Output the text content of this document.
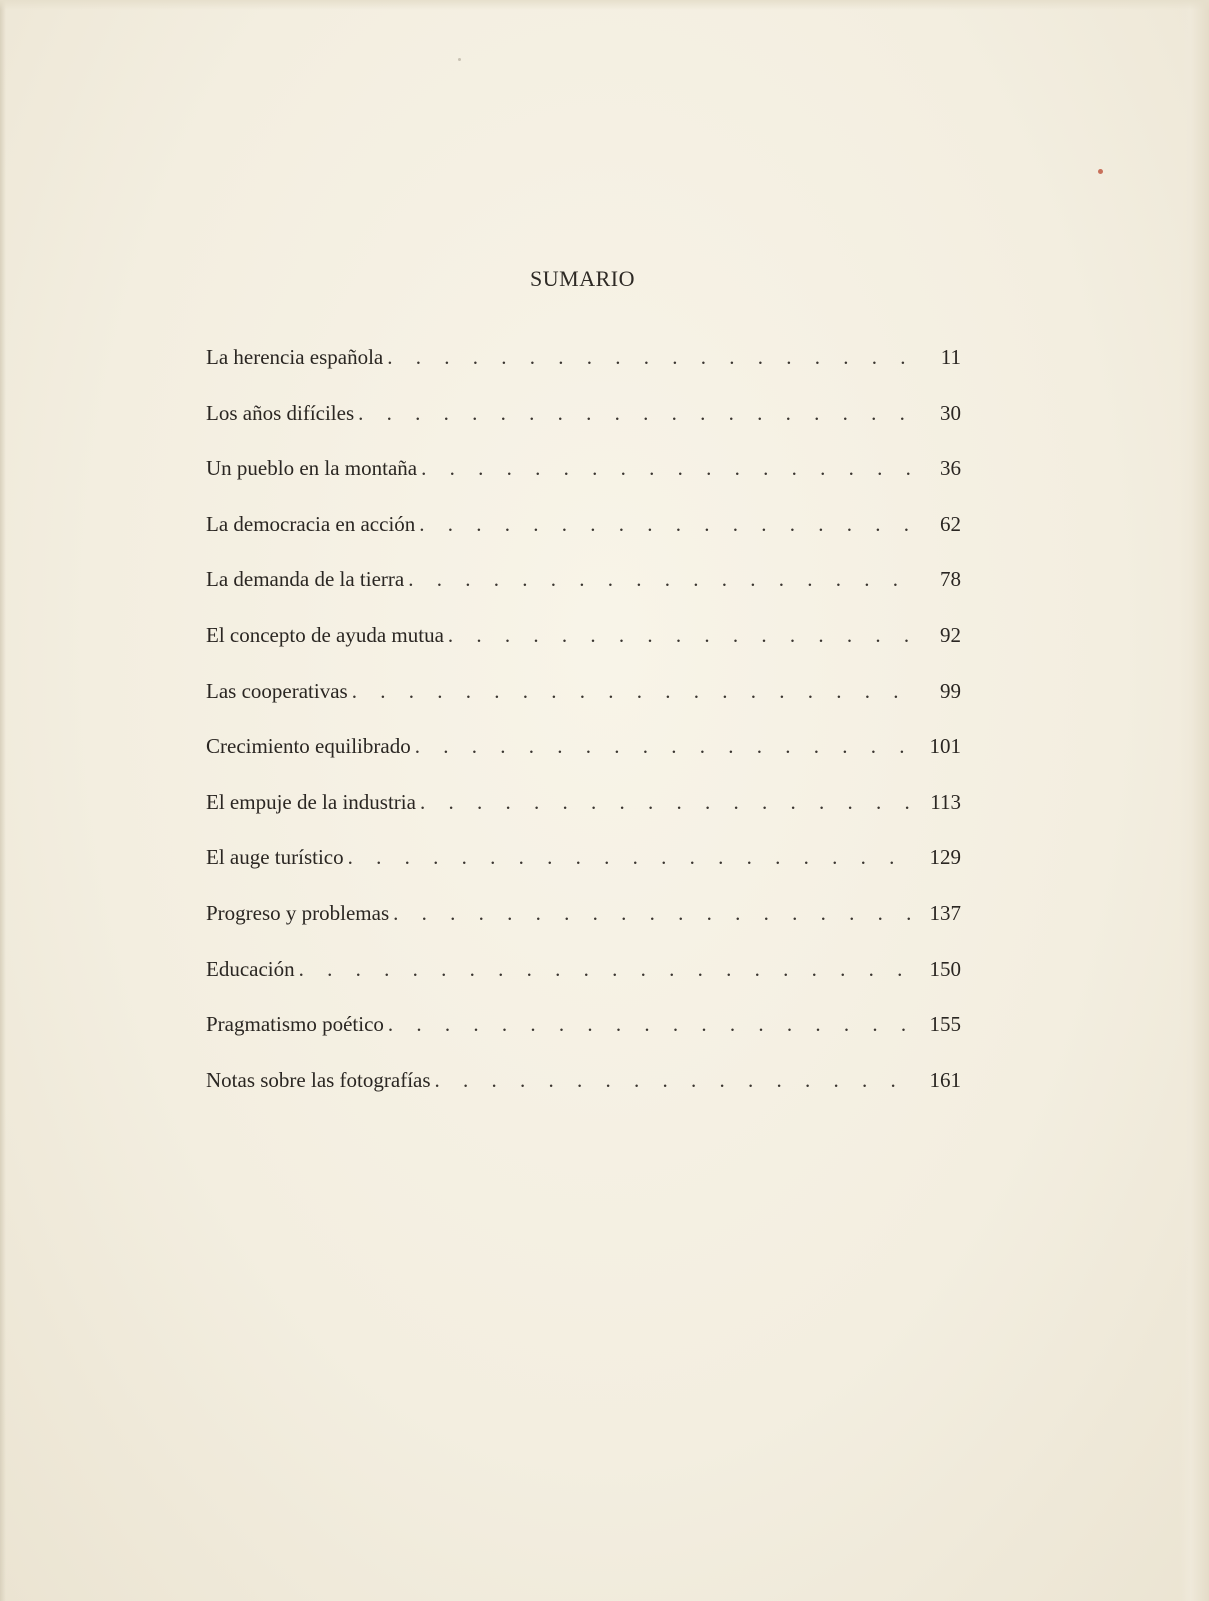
SUMARIO
La herencia española . . .	11
Los años difíciles . . .	30
Un pueblo en la montaña . . .	36
La democracia en acción . . .	62
La demanda de la tierra . . .	78
El concepto de ayuda mutua . . .	92
Las cooperativas . . .	99
Crecimiento equilibrado . . .	101
El empuje de la industria . . .	113
El auge turístico . . .	129
Progreso y problemas . . .	137
Educación . . .	150
Pragmatismo poético . . .	155
Notas sobre las fotografías . . .	161
